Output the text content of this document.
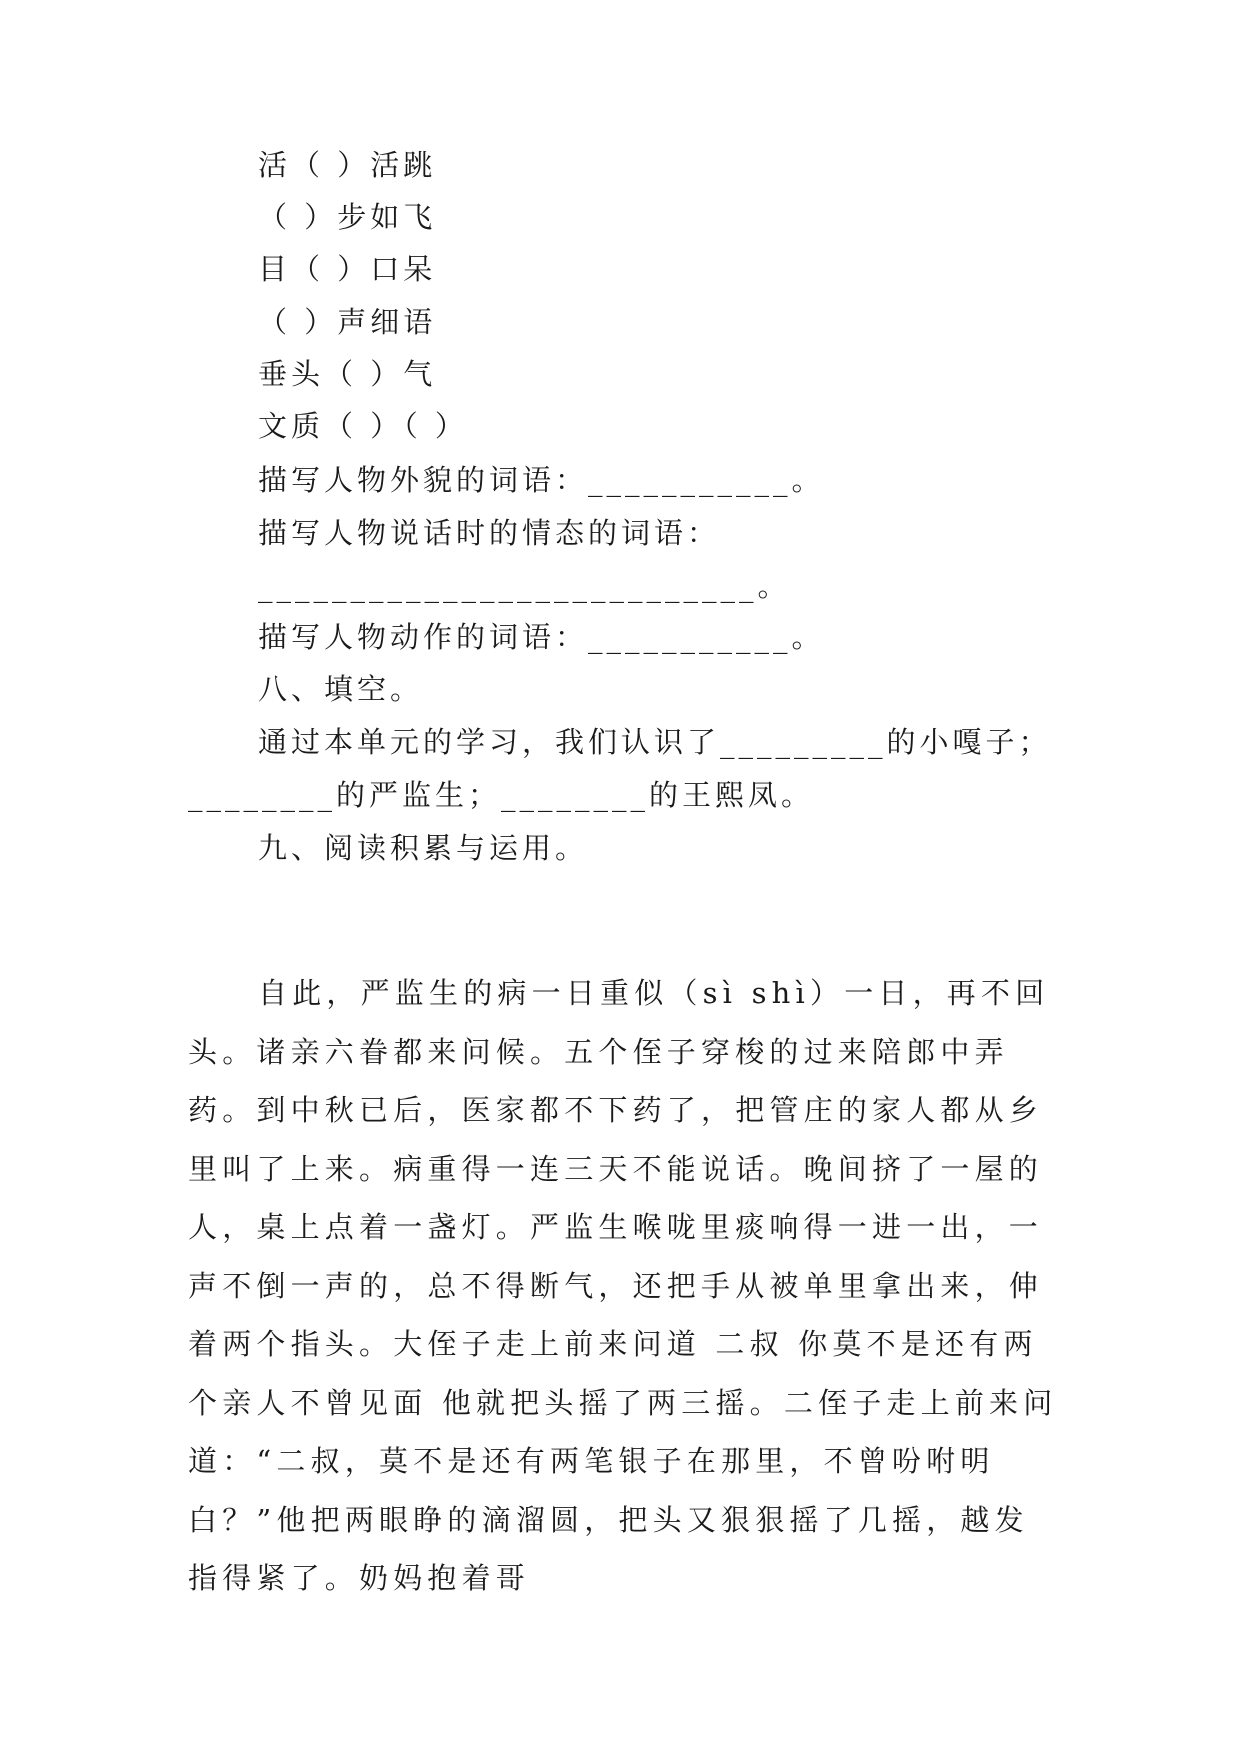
活（ ）活跳
（ ）步如飞
目（ ）口呆
（ ）声细语
垂头（ ）气
文质（ ）（ ）
描写人物外貌的词语：___________。
描写人物说话时的情态的词语：
___________________________。
描写人物动作的词语：___________。
八、填空。
通过本单元的学习，我们认识了_________的小嘎子；
________的严监生；________的王熙凤。
九、阅读积累与运用。
自此，严监生的病一日重似（sì shì）一日，再不回头。诸亲六眷都来问候。五个侄子穿梭的过来陪郎中弄药。到中秋已后，医家都不下药了，把管庄的家人都从乡里叫了上来。病重得一连三天不能说话。晚间挤了一屋的人，桌上点着一盏灯。严监生喉咙里痰响得一进一出，一声不倒一声的，总不得断气，还把手从被单里拿出来，伸着两个指头。大侄子走上前来问道 二叔 你莫不是还有两个亲人不曾见面 他就把头摇了两三摇。二侄子走上前来问道：“二叔，莫不是还有两笔银子在那里，不曾吩咐明白？”他把两眼睁的滴溜圆，把头又狠狠摇了几摇，越发指得紧了。奶妈抱着哥
